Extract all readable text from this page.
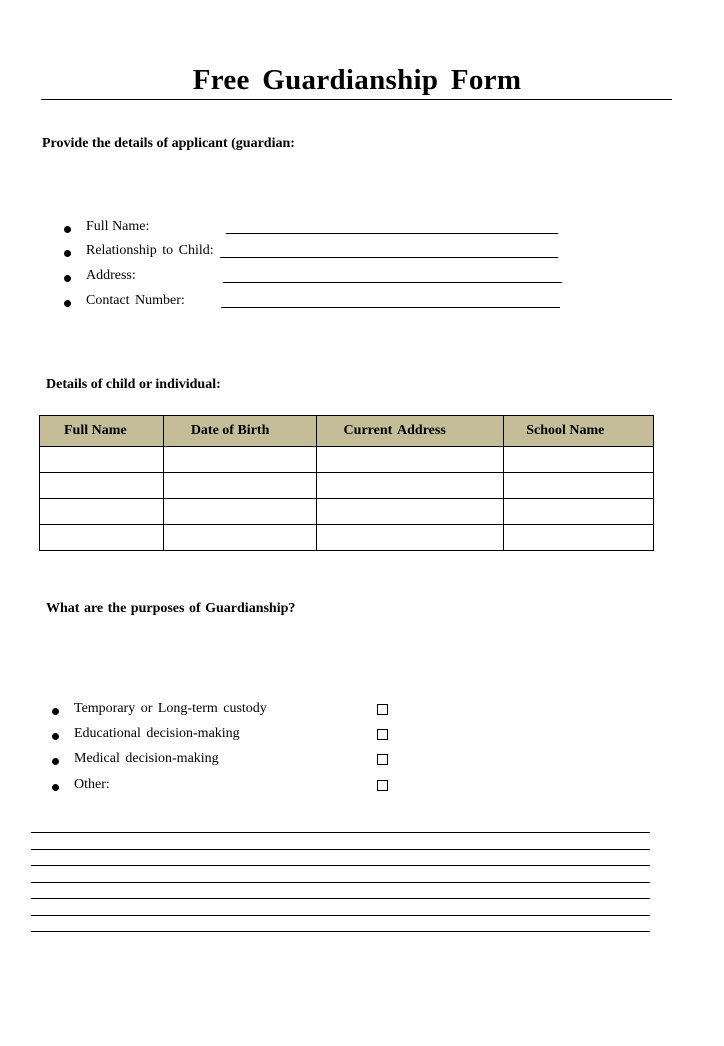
Free Guardianship Form
Provide the details of applicant (guardian:
Full Name:
Relationship to Child:
Address:
Contact Number:
Details of child or individual:
Full Name	Date of Birth	Current Address	School Name

What are the purposes of Guardianship?
Temporary or Long-term custody
Educational decision-making
Medical decision-making
Other:
